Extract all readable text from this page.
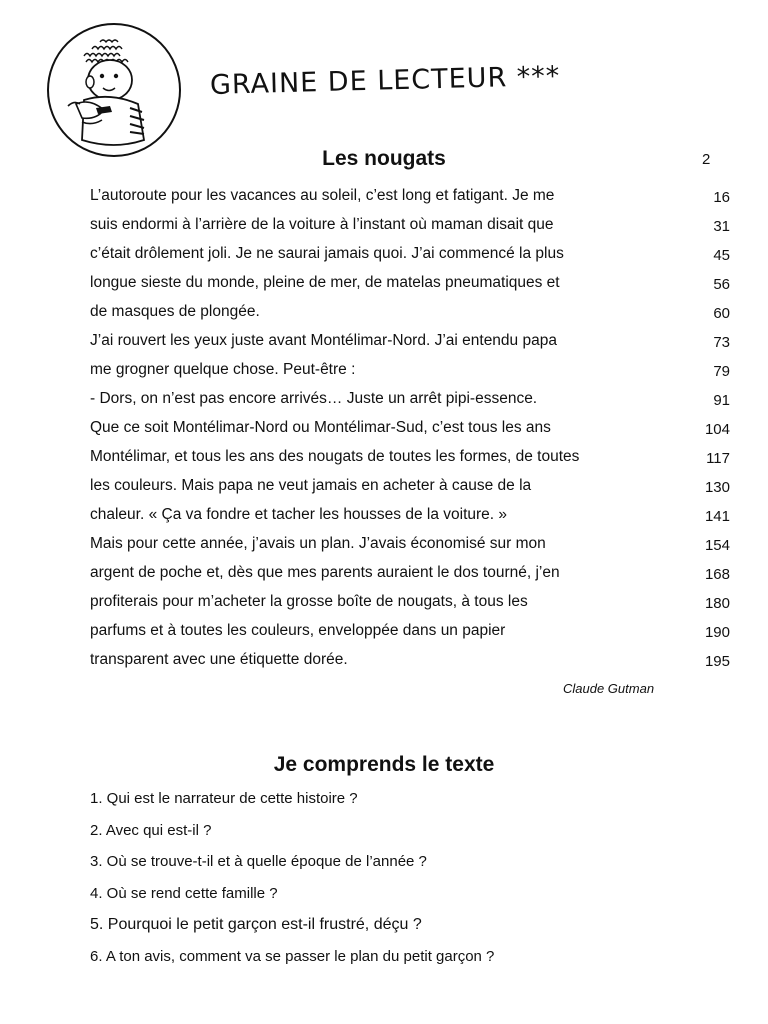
GRAINE DE LECTEUR ***
Les nougats	2
L’autoroute pour les vacances au soleil, c’est long et fatigant. Je me	16
suis endormi à l’arrière de la voiture à l’instant où maman disait que	31
c’était drôlement joli. Je ne saurai jamais quoi. J’ai commencé la plus	45
longue sieste du monde, pleine de mer, de matelas pneumatiques et	56
de masques de plongée.	60
J’ai rouvert les yeux juste avant Montélimar-Nord. J’ai entendu papa	73
me grogner quelque chose. Peut-être :	79
- Dors, on n’est pas encore arrivés… Juste un arrêt pipi-essence.	91
Que ce soit Montélimar-Nord ou Montélimar-Sud, c’est tous les ans	104
Montélimar, et tous les ans des nougats de toutes les formes, de toutes	117
les couleurs. Mais papa ne veut jamais en acheter à cause de la	130
chaleur. « Ça va fondre et tacher les housses de la voiture. »	141
Mais pour cette année, j’avais un plan. J’avais économisé sur mon	154
argent de poche et, dès que mes parents auraient le dos tourné, j’en	168
profiterais pour m’acheter la grosse boîte de nougats, à tous les	180
parfums et à toutes les couleurs, enveloppée dans un papier	190
transparent avec une étiquette dorée.	195
Claude Gutman
Je comprends le texte
1. Qui est le narrateur de cette histoire ?
2. Avec qui est-il ?
3. Où se trouve-t-il et à quelle époque de l’année ?
4. Où se rend cette famille ?
5. Pourquoi le petit garçon est-il frustré, déçu ?
6. A ton avis, comment va se passer le plan du petit garçon ?
